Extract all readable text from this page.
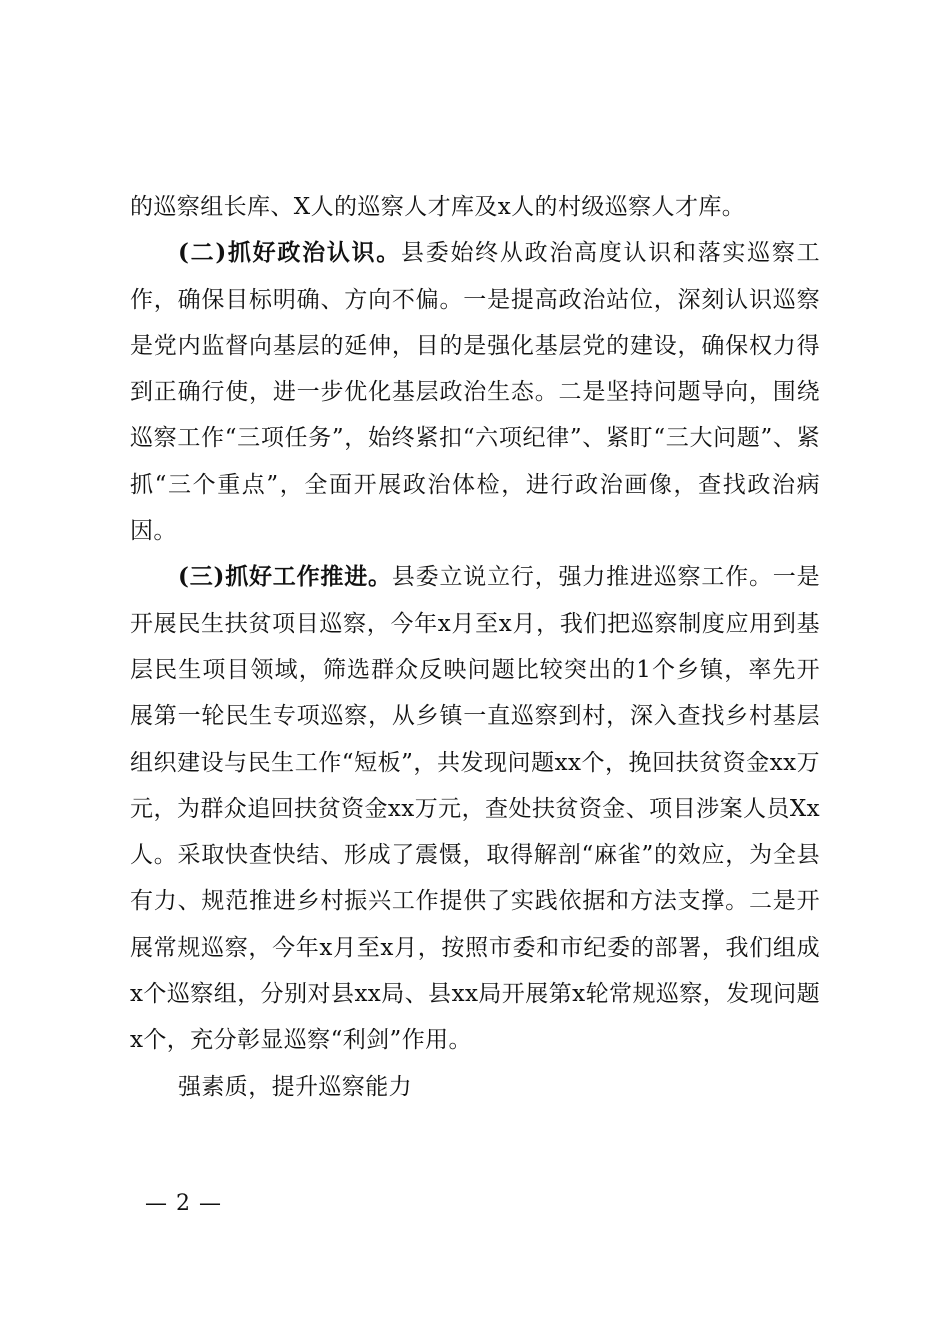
的巡察组长库、X人的巡察人才库及x人的村级巡察人才库。

(二)抓好政治认识。县委始终从政治高度认识和落实巡察工作，确保目标明确、方向不偏。一是提高政治站位，深刻认识巡察是党内监督向基层的延伸，目的是强化基层党的建设，确保权力得到正确行使，进一步优化基层政治生态。二是坚持问题导向，围绕巡察工作“三项任务”，始终紧扣“六项纪律”、紧盯“三大问题”、紧抓“三个重点”，全面开展政治体检，进行政治画像，查找政治病因。

(三)抓好工作推进。县委立说立行，强力推进巡察工作。一是开展民生扶贫项目巡察，今年x月至x月，我们把巡察制度应用到基层民生项目领域，筛选群众反映问题比较突出的1个乡镇，率先开展第一轮民生专项巡察，从乡镇一直巡察到村，深入查找乡村基层组织建设与民生工作“短板”，共发现问题xx个，挽回扶贫资金xx万元，为群众追回扶贫资金xx万元，查处扶贫资金、项目涉案人员Xx人。采取快查快结、形成了震慑，取得解剖“麻雀”的效应，为全县有力、规范推进乡村振兴工作提供了实践依据和方法支撑。二是开展常规巡察，今年x月至x月，按照市委和市纪委的部署，我们组成x个巡察组，分别对县xx局、县xx局开展第x轮常规巡察，发现问题x个，充分彰显巡察“利剑”作用。

强素质，提升巡察能力

— 2 —
